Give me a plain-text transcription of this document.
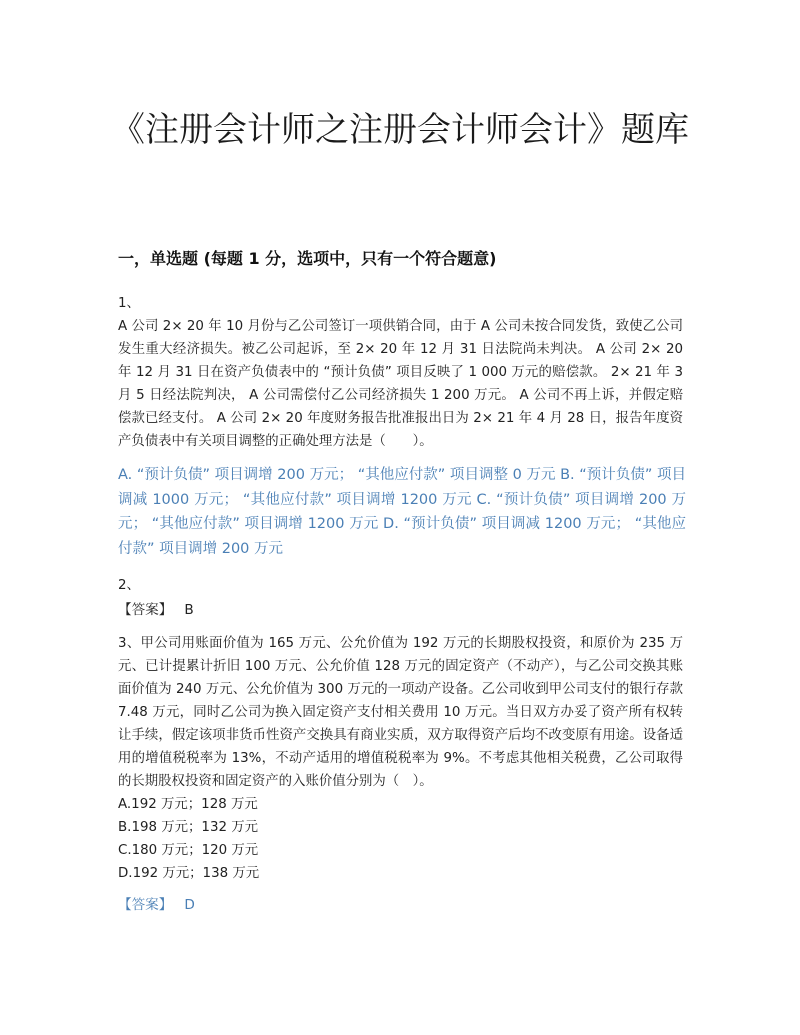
《注册会计师之注册会计师会计》题库
一，单选题 (每题 1 分，选项中，只有一个符合题意)
1、
A 公司 2× 20 年 10 月份与乙公司签订一项供销合同，由于 A 公司未按合同发货，致使乙公司发生重大经济损失。被乙公司起诉，至 2× 20 年 12 月 31 日法院尚未判决。 A 公司 2× 20 年 12 月 31 日在资产负债表中的 “预计负债” 项目反映了 1 000 万元的赔偿款。 2× 21 年 3 月 5 日经法院判决， A 公司需偿付乙公司经济损失 1 200 万元。 A 公司不再上诉，并假定赔偿款已经支付。 A 公司 2× 20 年度财务报告批准报出日为 2× 21 年 4 月 28 日，报告年度资产负债表中有关项目调整的正确处理方法是（　　）。
A. “预计负债” 项目调增 200 万元； “其他应付款” 项目调整 0 万元 B. “预计负债” 项目调减 1000 万元； “其他应付款” 项目调增 1200 万元 C. “预计负债” 项目调增 200 万元； “其他应付款” 项目调增 1200 万元 D. “预计负债” 项目调减 1200 万元； “其他应付款” 项目调增 200 万元
2、
【答案】 B
3、甲公司用账面价值为 165 万元、公允价值为 192 万元的长期股权投资，和原价为 235 万元、已计提累计折旧 100 万元、公允价值 128 万元的固定资产（不动产），与乙公司交换其账面价值为 240 万元、公允价值为 300 万元的一项动产设备。乙公司收到甲公司支付的银行存款 7.48 万元，同时乙公司为换入固定资产支付相关费用 10 万元。当日双方办妥了资产所有权转让手续，假定该项非货币性资产交换具有商业实质，双方取得资产后均不改变原有用途。设备适用的增值税税率为 13%，不动产适用的增值税税率为 9%。不考虑其他相关税费，乙公司取得的长期股权投资和固定资产的入账价值分别为（　）。
A.192 万元；128 万元
B.198 万元；132 万元
C.180 万元；120 万元
D.192 万元；138 万元
【答案】 D
